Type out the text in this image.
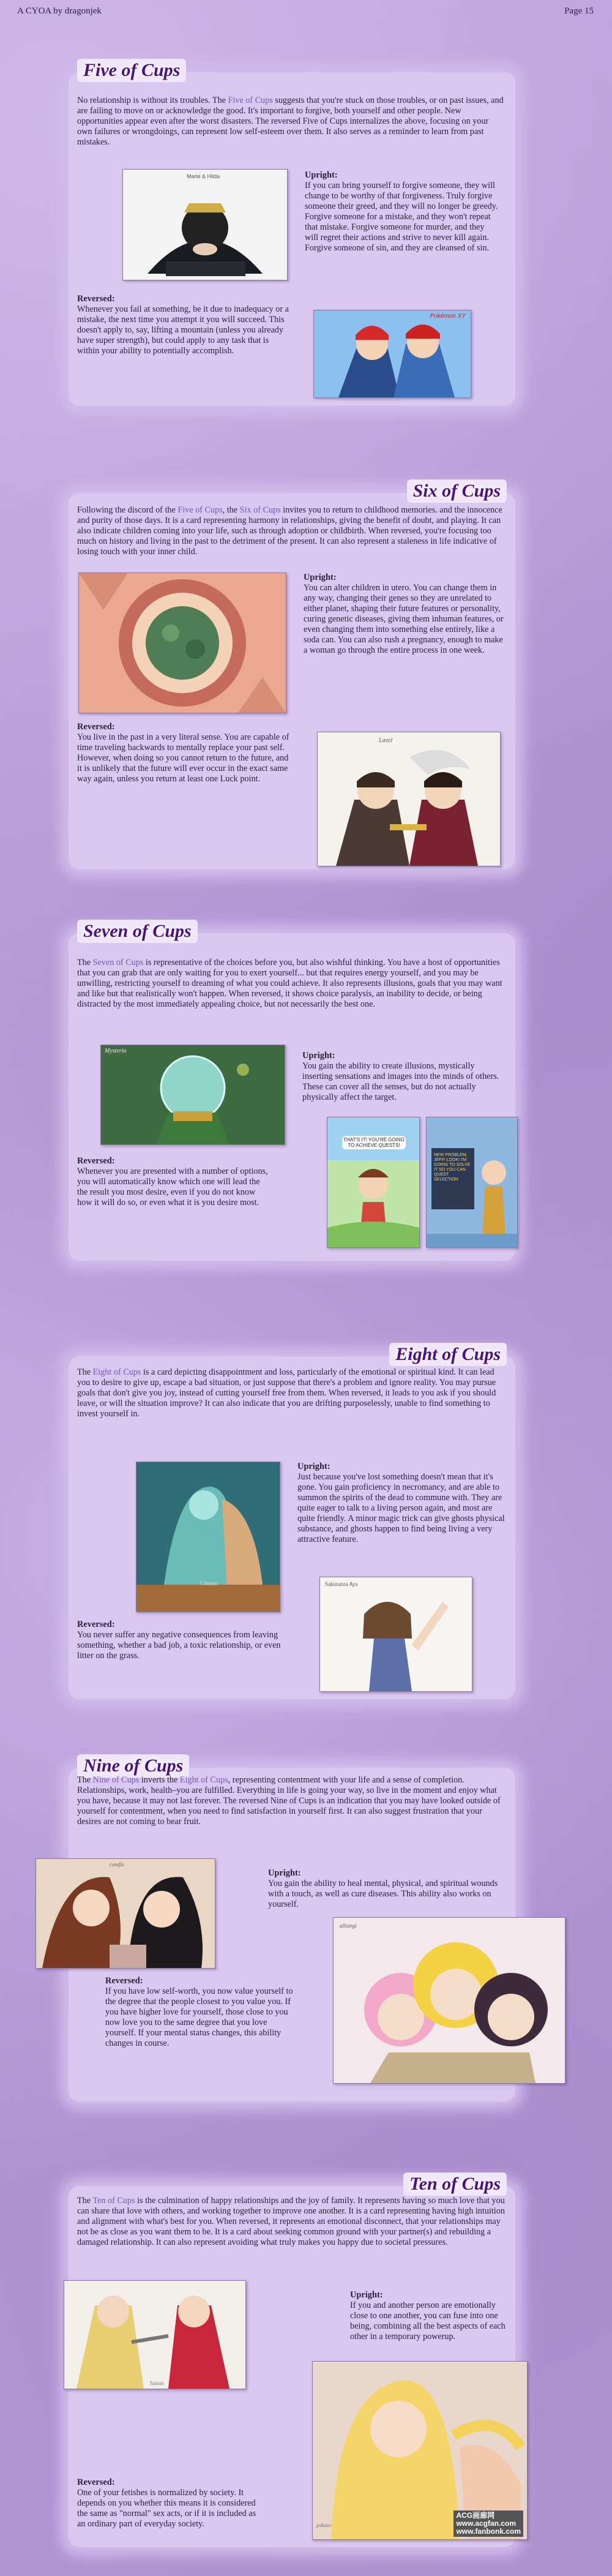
A CYOA by dragonjek	Page 15
Five of Cups

No relationship is without its troubles. The Five of Cups suggests that you're stuck on those troubles, or on past issues, and are failing to move on or acknowledge the good. It's important to forgive, both yourself and other people. New opportunities appear even after the worst disasters. The reversed Five of Cups internalizes the above, focusing on your own failures or wrongdoings, can represent low self-esteem over them. It also serves as a reminder to learn from past mistakes.

Marie & Hilda	Upright:
If you can bring yourself to forgive someone, they will change to be worthy of that forgiveness. Truly forgive someone their greed, and they will no longer be greedy. Forgive someone for a mistake, and they won't repeat that mistake. Forgive someone for murder, and they will regret their actions and strive to never kill again. Forgive someone of sin, and they are cleansed of sin.

Reversed:
Whenever you fail at something, be it due to inadequacy or a mistake, the next time you attempt it you will succeed. This doesn't apply to, say, lifting a mountain (unless you already have super strength), but could apply to any task that is within your ability to potentially accomplish.

Pokémon XY
Six of Cups

Following the discord of the Five of Cups, the Six of Cups invites you to return to childhood memories. and the innocence and purity of those days. It is a card representing harmony in relationships, giving the benefit of doubt, and playing. It can also indicate children coming into your life, such as through adoption or childbirth. When reversed, you're focusing too much on history and living in the past to the detriment of the present. It can also represent a staleness in life indicative of losing touch with your inner child.

Upright:
You can alter children in utero. You can change them in any way, changing their genes so they are unrelated to either planet, shaping their future features or personality, curing genetic diseases, giving them inhuman features, or even changing them into something else entirely, like a soda can. You can also rush a pregnancy, enough to make a woman go through the entire process in one week.

Reversed:
You live in the past in a very literal sense. You are capable of time traveling backwards to mentally replace your past self. However, when doing so you cannot return to the future, and it is unlikely that the future will ever occur in the exact same way again, unless you return at least one Luck point.

Lavel
Seven of Cups

The Seven of Cups is representative of the choices before you, but also wishful thinking. You have a host of opportunities that you can grab that are only waiting for you to exert yourself... but that requires energy yourself, and you may be unwilling, restricting yourself to dreaming of what you could achieve. It also represents illusions, goals that you may want and like but that realistically won't happen. When reversed, it shows choice paralysis, an inability to decide, or being distracted by the most immediately appealing choice, but not necessarily the best one.

Mysterio	Upright:
You gain the ability to create illusions, mystically inserting sensations and images into the minds of others. These can cover all the senses, but do not actually physically affect the target.

Reversed:
Whenever you are presented with a number of options, you will automatically know which one will lead the the result you most desire, even if you do not know how it will do so, or even what it is you desire most.

THAT'S IT! YOU'RE GOING TO ACHIEVE QUESTS!
NEW PROBLEM, JEFF! LOOK! I'M GOING TO SOLVE IT SO YOU CAN QUEST SELECTION
Eight of Cups

The Eight of Cups is a card depicting disappointment and loss, particularly of the emotional or spiritual kind. It can lead you to desire to give up, escape a bad situation, or just suppose that there's a problem and ignore reality. You may pursue goals that don't give you joy, instead of cutting yourself free from them. When reversed, it leads to you ask if you should leave, or will the situation improve? It can also indicate that you are drifting purposelessly, unable to find something to invest yourself in.

Ghosts

Upright:
Just because you've lost something doesn't mean that it's gone. You gain proficiency in necromancy, and are able to summon the spirits of the dead to commune with. They are quite eager to talk to a living person again, and most are quite friendly. A minor magic trick can give ghosts physical substance, and ghosts happen to find being living a very attractive feature.

Reversed:
You never suffer any negative consequences from leaving something, whether a bad job, a toxic relationship, or even litter on the grass.

Sakuranza Aya
Nine of Cups

The Nine of Cups inverts the Eight of Cups, representing contentment with your life and a sense of completion. Relationships, work, health–you are fulfilled. Everything in life is going your way, so live in the moment and enjoy what you have, because it may not last forever. The reversed Nine of Cups is an indication that you may have looked outside of yourself for contentment, when you need to find satisfaction in yourself first. It can also suggest frustration that your desires are not coming to bear fruit.

comfie

Upright:
You gain the ability to heal mental, physical, and spiritual wounds with a touch, as well as cure diseases. This ability also works on yourself.

Reversed:
If you have low self-worth, you now value yourself to the degree that the people closest to you value you. If you have higher love for yourself, those close to you now love you to the same degree that you love yourself. If your mental status changes, this ability changes in course.

allsorgi
Ten of Cups

The Ten of Cups is the culmination of happy relationships and the joy of family. It represents having so much love that you can share that love with others, and working together to improve one another. It is a card representing having high intuition and alignment with what's best for you. When reversed, it represents an emotional disconnect, that your relationships may not be as close as you want them to be. It is a card about seeking common ground with your partner(s) and rebuilding a damaged relationship. It can also represent avoiding what truly makes you happy due to societal pressures.

fusion

Upright:
If you and another person are emotionally close to one another, you can fuse into one being, combining all the best aspects of each other in a temporary powerup.

Reversed:
One of your fetishes is normalized by society. It depends on you whether this means it is considered the same as "normal" sex acts, or if it is included as an ordinary part of everyday society.	pakaso
ACG画廊网
www.acgfan.com
www.fanbonk.com
